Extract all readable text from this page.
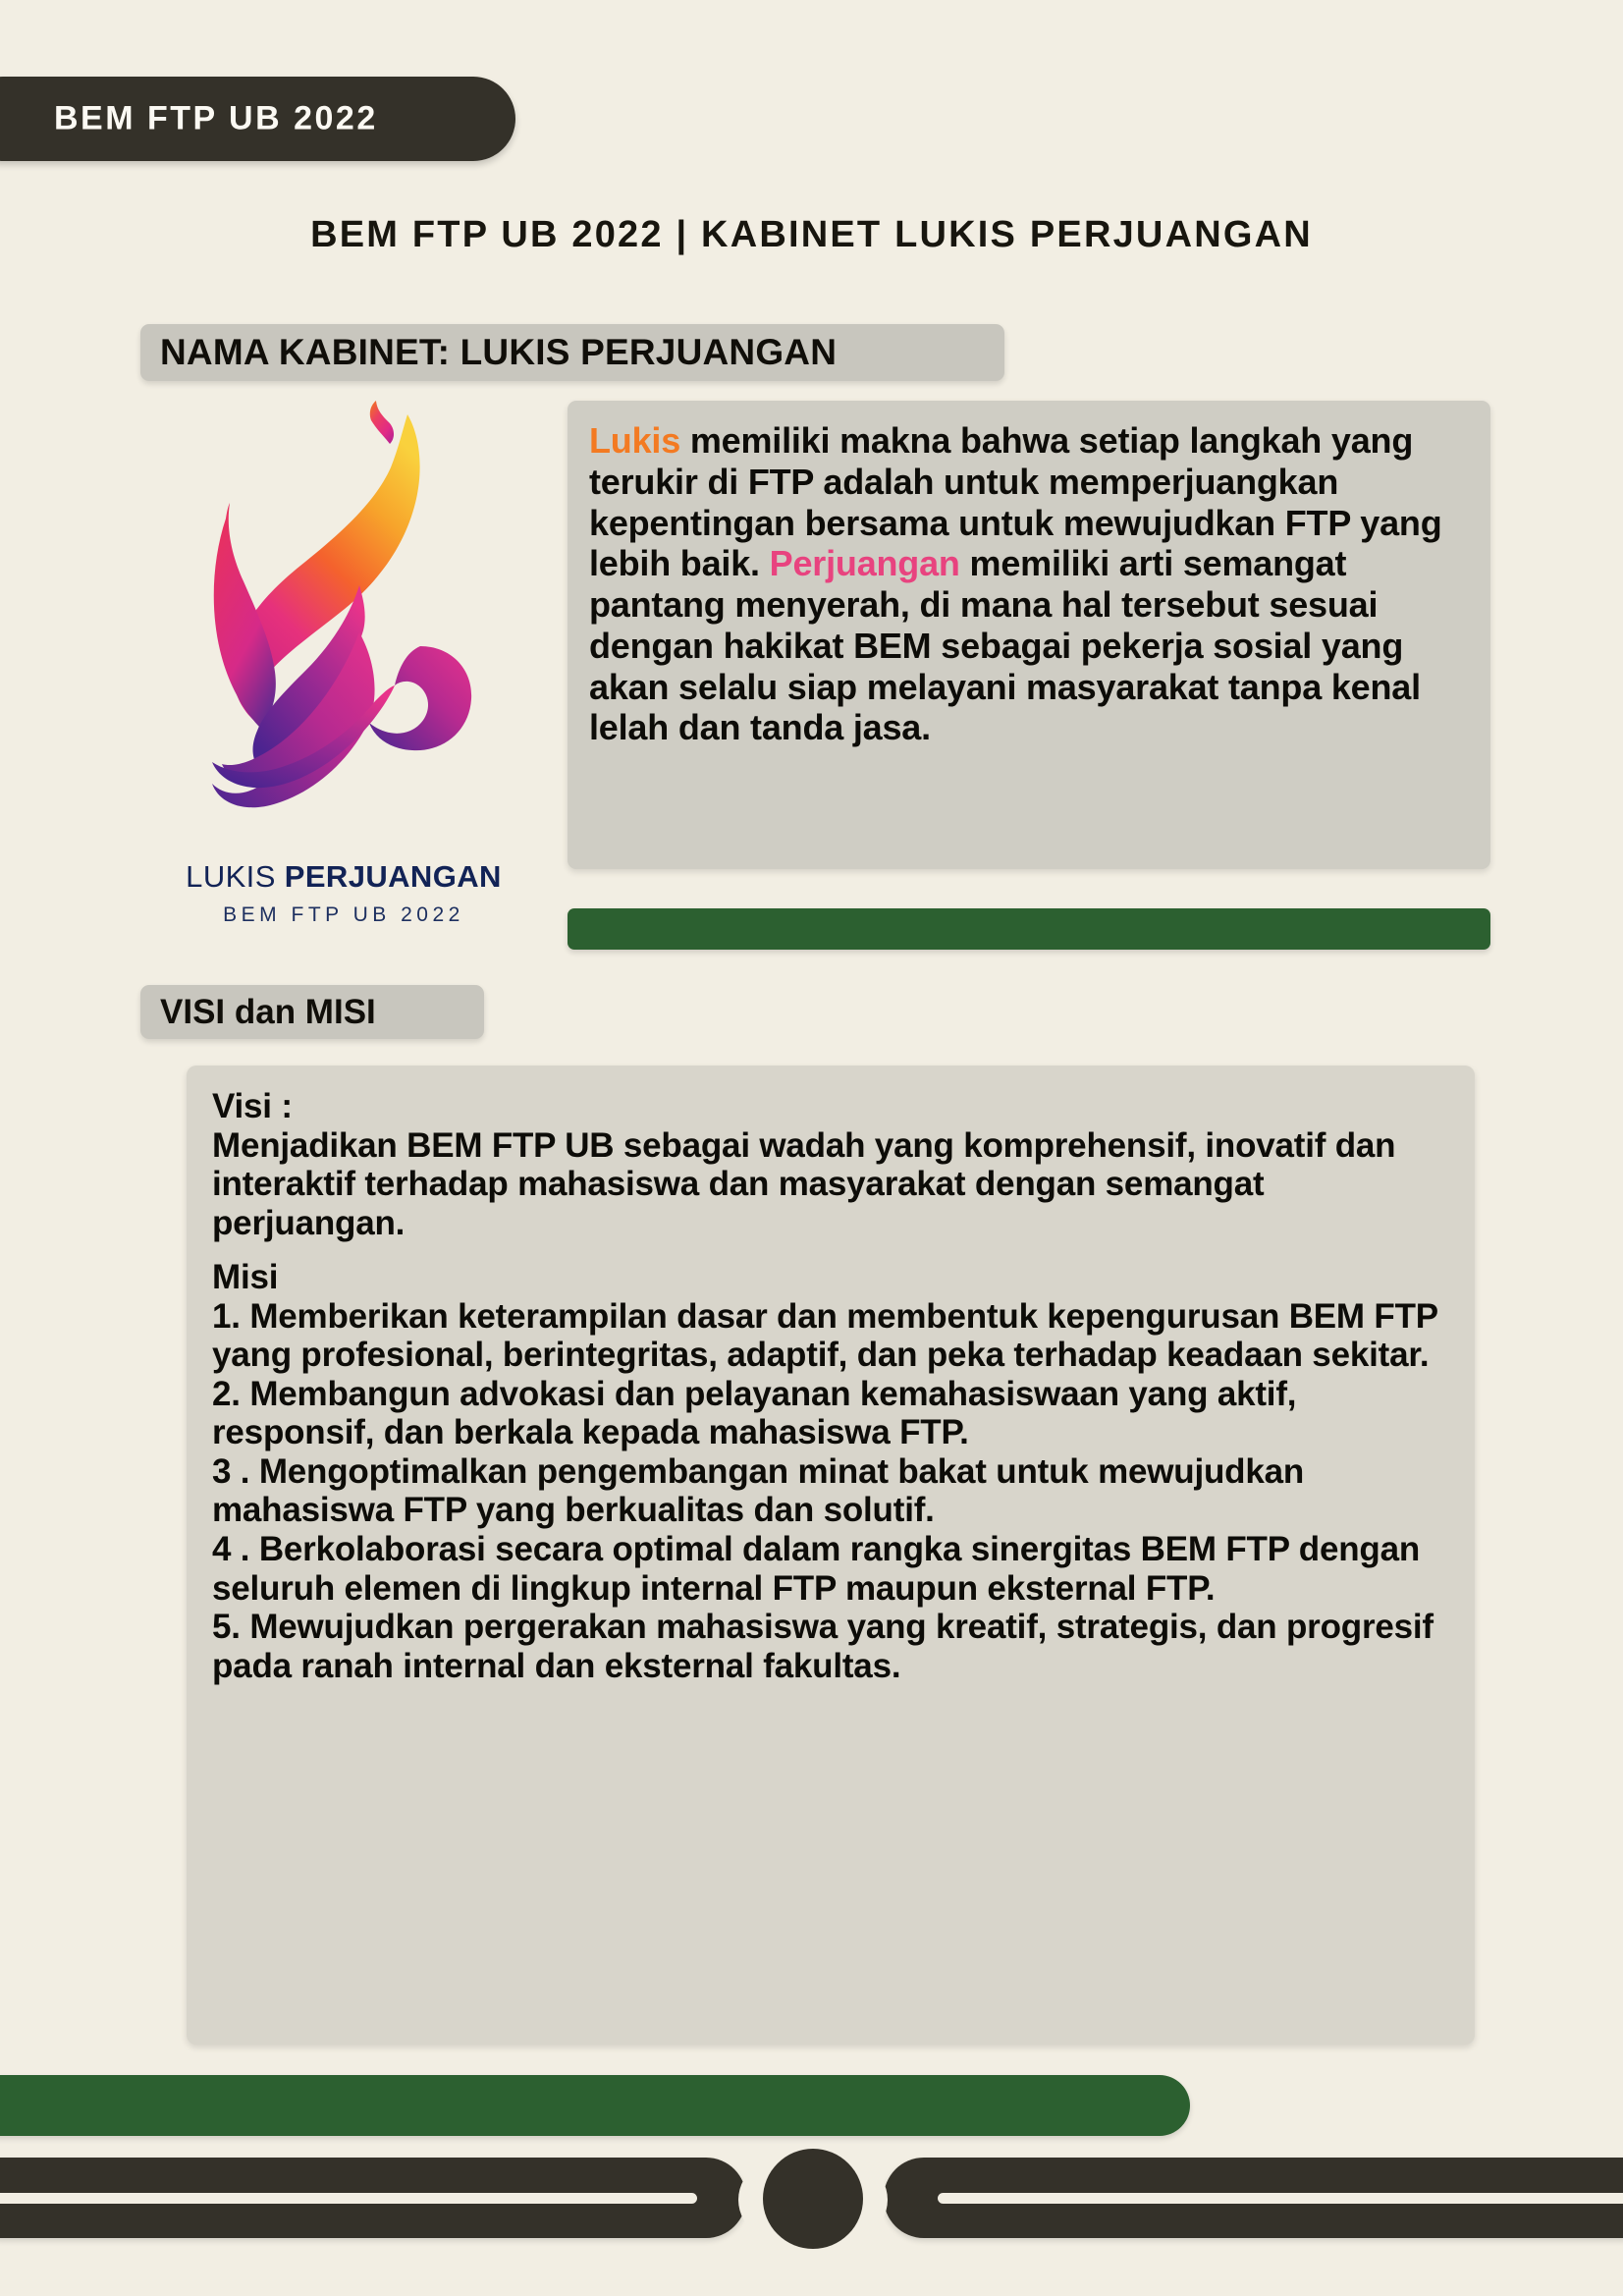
BEM FTP UB 2022
BEM FTP UB 2022 | KABINET LUKIS PERJUANGAN
NAMA KABINET: LUKIS PERJUANGAN
LUKIS PERJUANGAN
BEM FTP UB 2022
Lukis memiliki makna bahwa setiap langkah yang terukir di FTP adalah untuk memperjuangkan kepentingan bersama untuk mewujudkan FTP yang lebih baik. Perjuangan memiliki arti semangat pantang menyerah, di mana hal tersebut sesuai dengan hakikat BEM sebagai pekerja sosial yang akan selalu siap melayani masyarakat tanpa kenal lelah dan tanda jasa.
VISI dan MISI
Visi :
Menjadikan BEM FTP UB sebagai wadah yang komprehensif, inovatif dan interaktif terhadap mahasiswa dan masyarakat dengan semangat perjuangan.
Misi
1. Memberikan keterampilan dasar dan membentuk kepengurusan BEM FTP yang profesional, berintegritas, adaptif, dan peka terhadap keadaan sekitar.
2. Membangun advokasi dan pelayanan kemahasiswaan yang aktif, responsif, dan berkala kepada mahasiswa FTP.
3 . Mengoptimalkan pengembangan minat bakat untuk mewujudkan mahasiswa FTP yang berkualitas dan solutif.
4 . Berkolaborasi secara optimal dalam rangka sinergitas BEM FTP dengan seluruh elemen di lingkup internal FTP maupun eksternal FTP.
5. Mewujudkan pergerakan mahasiswa yang kreatif, strategis, dan progresif pada ranah internal dan eksternal fakultas.
